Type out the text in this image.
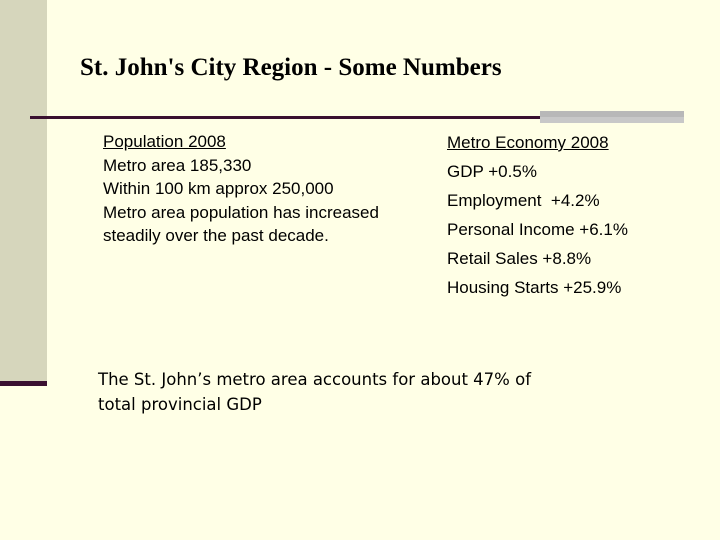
St. John's City Region - Some Numbers
Population 2008
Metro area 185,330
Within 100 km approx 250,000
Metro area population has increased steadily over the past decade.
Metro Economy 2008
GDP +0.5%
Employment  +4.2%
Personal Income +6.1%
Retail Sales +8.8%
Housing Starts +25.9%
The St. John’s metro area accounts for about 47% of total provincial GDP
